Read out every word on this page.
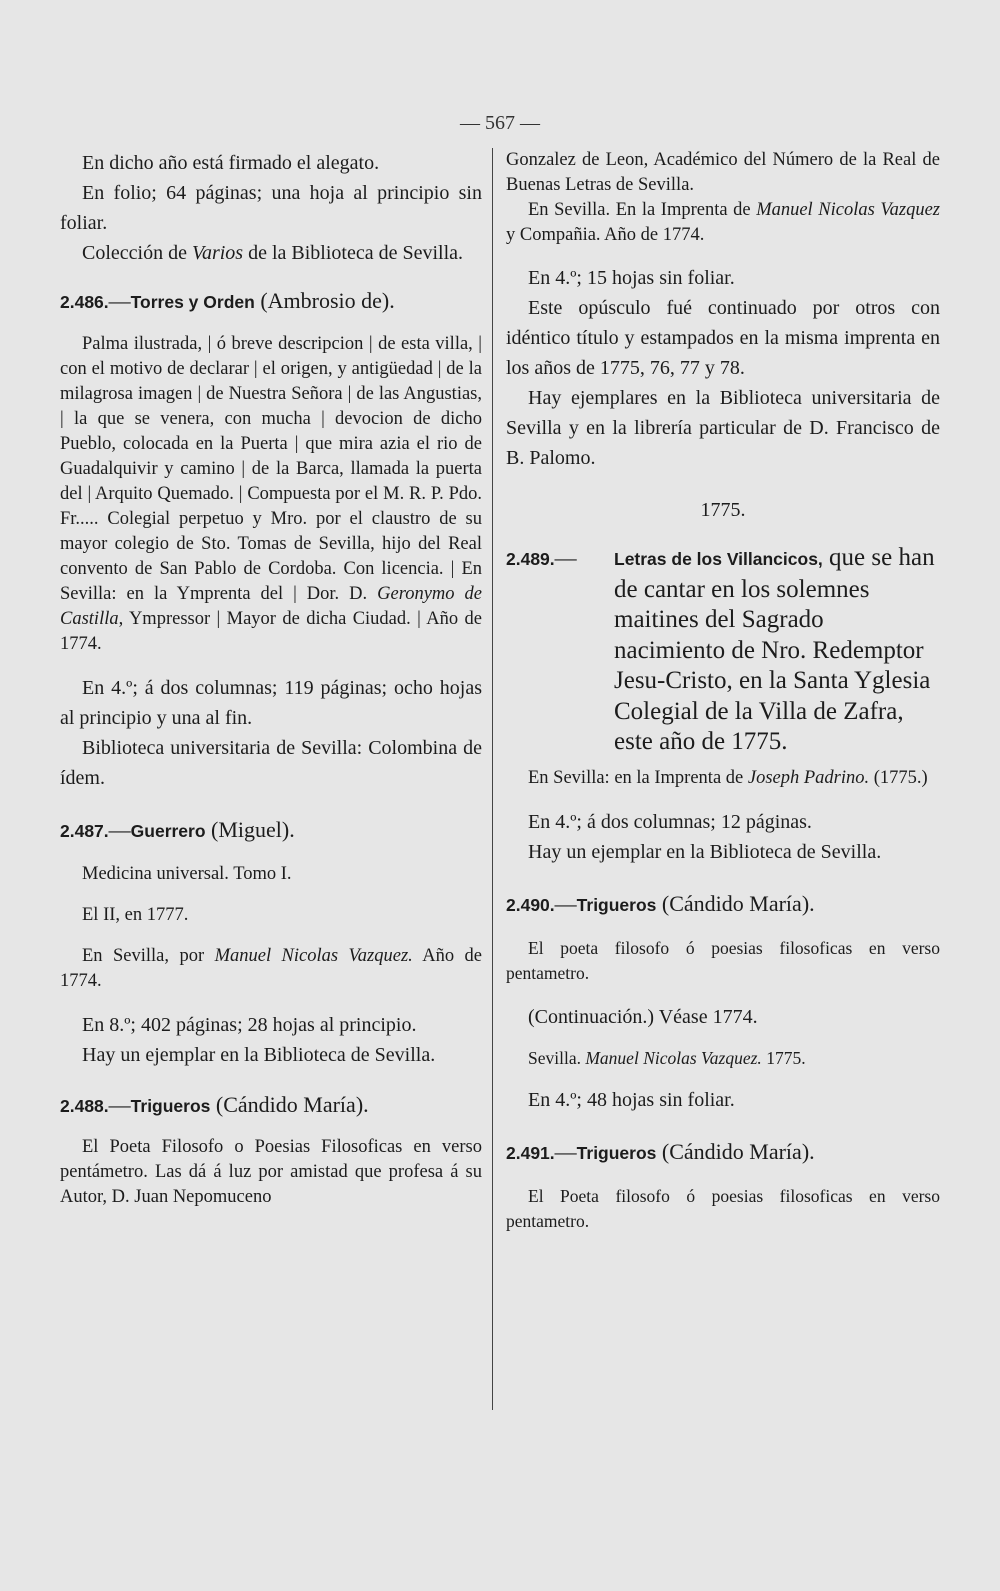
— 567 —

En dicho año está firmado el alegato.

En folio; 64 páginas; una hoja al principio sin foliar.

Colección de Varios de la Biblioteca de Sevilla.

2.486.—Torres y Orden (Ambrosio de).

Palma ilustrada, | ó breve descripcion | de esta villa, | con el motivo de declarar | el origen, y antigüedad | de la milagrosa imagen | de Nuestra Señora | de las Angustias, | la que se venera, con mucha | devocion de dicho Pueblo, colocada en la Puerta | que mira azia el rio de Guadalquivir y camino | de la Barca, llamada la puerta del | Arquito Quemado. | Compuesta por el M. R. P. Pdo. Fr..... Colegial perpetuo y Mro. por el claustro de su mayor colegio de Sto. Tomas de Sevilla, hijo del Real convento de San Pablo de Cordoba. Con licencia. | En Sevilla: en la Ymprenta del | Dor. D. Geronymo de Castilla, Ympressor | Mayor de dicha Ciudad. | Año de 1774.

En 4.º; á dos columnas; 119 páginas; ocho hojas al principio y una al fin.

Biblioteca universitaria de Sevilla: Colombina de ídem.

2.487.—Guerrero (Miguel).

Medicina universal. Tomo I.

El II, en 1777.

En Sevilla, por Manuel Nicolas Vazquez. Año de 1774.

En 8.º; 402 páginas; 28 hojas al principio.

Hay un ejemplar en la Biblioteca de Sevilla.

2.488.—Trigueros (Cándido María).

El Poeta Filosofo o Poesias Filosoficas en verso pentámetro. Las dá á luz por amistad que profesa á su Autor, D. Juan Nepomuceno

Gonzalez de Leon, Académico del Número de la Real de Buenas Letras de Sevilla.

En Sevilla. En la Imprenta de Manuel Nicolas Vazquez y Compañia. Año de 1774.

En 4.º; 15 hojas sin foliar.

Este opúsculo fué continuado por otros con idéntico título y estampados en la misma imprenta en los años de 1775, 76, 77 y 78.

Hay ejemplares en la Biblioteca universitaria de Sevilla y en la librería particular de D. Francisco de B. Palomo.

1775.

2.489.—	Letras de los Villancicos, que se han de cantar en los solemnes maitines del Sagrado nacimiento de Nro. Redemptor Jesu-Cristo, en la Santa Yglesia Colegial de la Villa de Zafra, este año de 1775.

En Sevilla: en la Imprenta de Joseph Padrino. (1775.)

En 4.º; á dos columnas; 12 páginas.

Hay un ejemplar en la Biblioteca de Sevilla.

2.490.—Trigueros (Cándido María).

El poeta filosofo ó poesias filosoficas en verso pentametro.

(Continuación.) Véase 1774.

Sevilla. Manuel Nicolas Vazquez. 1775.

En 4.º; 48 hojas sin foliar.

2.491.—Trigueros (Cándido María).

El Poeta filosofo ó poesias filosoficas en verso pentametro.
